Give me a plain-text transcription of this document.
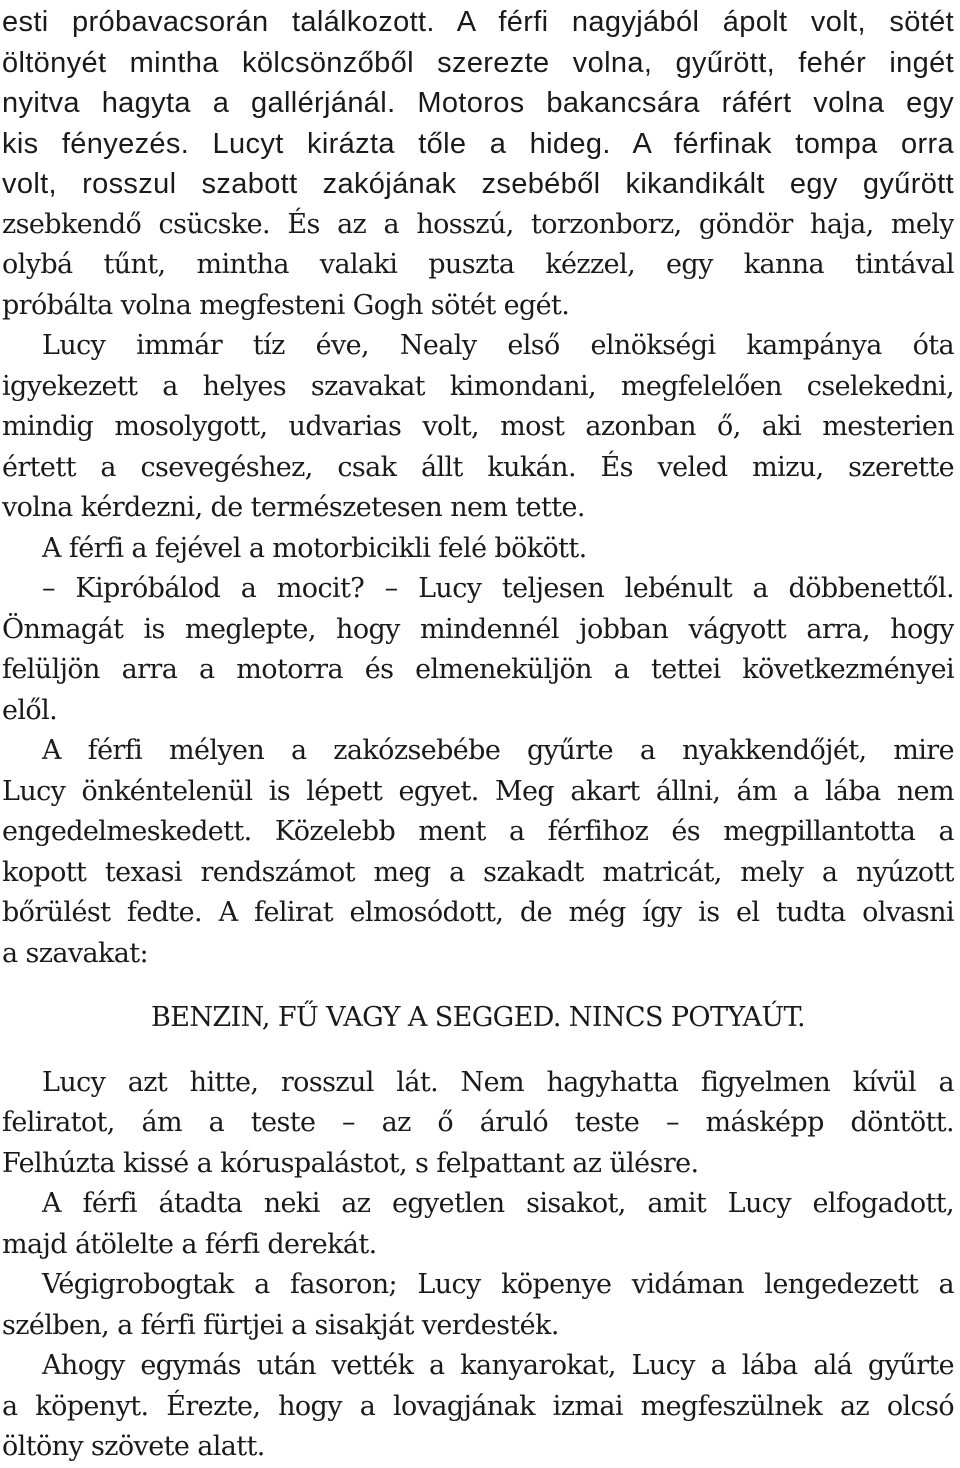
esti próbavacsorán találkozott. A férfi nagyjából ápolt volt, sötét
öltönyét mintha kölcsönzőből szerezte volna, gyűrött, fehér ingét
nyitva hagyta a gallérjánál. Motoros bakancsára ráfért volna egy
kis fényezés. Lucyt kirázta tőle a hideg. A férfinak tompa orra
volt, rosszul szabott zakójának zsebéből kikandikált egy gyűrött
zsebkendő csücske. És az a hosszú, torzonborz, göndör haja, mely
olybá tűnt, mintha valaki puszta kézzel, egy kanna tintával
próbálta volna megfesteni Gogh sötét egét.
Lucy immár tíz éve, Nealy első elnökségi kampánya óta
igyekezett a helyes szavakat kimondani, megfelelően cselekedni,
mindig mosolygott, udvarias volt, most azonban ő, aki mesterien
értett a csevegéshez, csak állt kukán. És veled mizu, szerette
volna kérdezni, de természetesen nem tette.
A férfi a fejével a motorbicikli felé bökött.
– Kipróbálod a mocit? – Lucy teljesen lebénult a döbbenettől.
Önmagát is meglepte, hogy mindennél jobban vágyott arra, hogy
felüljön arra a motorra és elmeneküljön a tettei következményei
elől.
A férfi mélyen a zakózsebébe gyűrte a nyakkendőjét, mire
Lucy önkéntelenül is lépett egyet. Meg akart állni, ám a lába nem
engedelmeskedett. Közelebb ment a férfihoz és megpillantotta a
kopott texasi rendszámot meg a szakadt matricát, mely a nyúzott
bőrülést fedte. A felirat elmosódott, de még így is el tudta olvasni
a szavakat:
BENZIN, FŰ VAGY A SEGGED. NINCS POTYAÚT.
Lucy azt hitte, rosszul lát. Nem hagyhatta figyelmen kívül a
feliratot, ám a teste – az ő áruló teste – másképp döntött.
Felhúzta kissé a kóruspalástot, s felpattant az ülésre.
A férfi átadta neki az egyetlen sisakot, amit Lucy elfogadott,
majd átölelte a férfi derekát.
Végigrobogtak a fasoron; Lucy köpenye vidáman lengedezett a
szélben, a férfi fürtjei a sisakját verdesték.
Ahogy egymás után vették a kanyarokat, Lucy a lába alá gyűrte
a köpenyt. Érezte, hogy a lovagjának izmai megfeszülnek az olcsó
öltöny szövete alatt.
